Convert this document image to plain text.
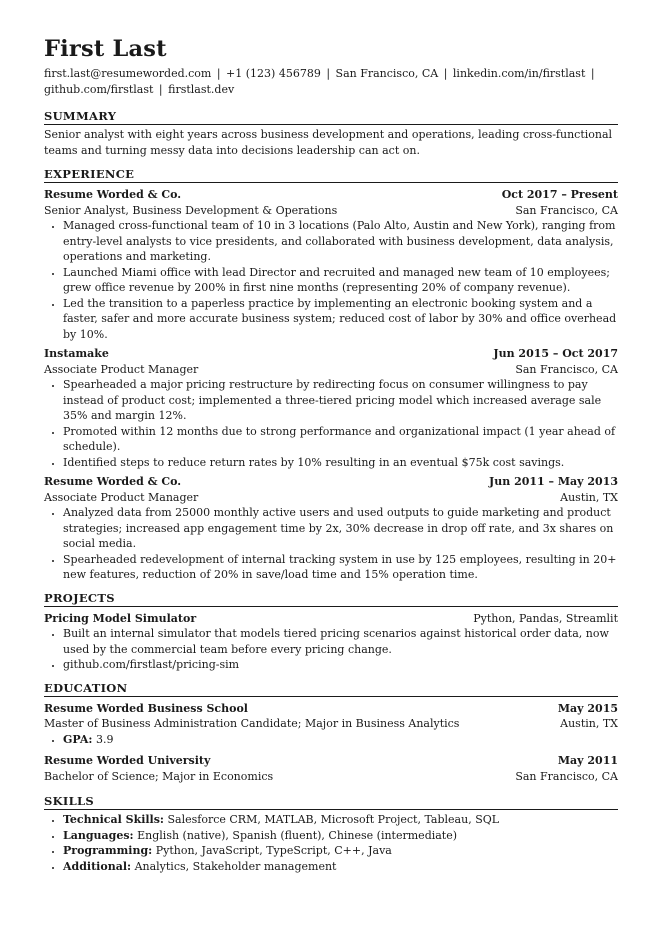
First Last
first.last@resumeworded.com | +1 (123) 456789 | San Francisco, CA | linkedin.com/in/firstlast |
github.com/firstlast | firstlast.dev
SUMMARY
Senior analyst with eight years across business development and operations, leading cross-functional teams and turning messy data into decisions leadership can act on.
EXPERIENCE
Resume Worded & Co.	Oct 2017 – Present
Senior Analyst, Business Development & Operations	San Francisco, CA
• Managed cross-functional team of 10 in 3 locations (Palo Alto, Austin and New York), ranging from entry-level analysts to vice presidents, and collaborated with business development, data analysis, operations and marketing.
• Launched Miami office with lead Director and recruited and managed new team of 10 employees; grew office revenue by 200% in first nine months (representing 20% of company revenue).
• Led the transition to a paperless practice by implementing an electronic booking system and a faster, safer and more accurate business system; reduced cost of labor by 30% and office overhead by 10%.
Instamake	Jun 2015 – Oct 2017
Associate Product Manager	San Francisco, CA
• Spearheaded a major pricing restructure by redirecting focus on consumer willingness to pay instead of product cost; implemented a three-tiered pricing model which increased average sale 35% and margin 12%.
• Promoted within 12 months due to strong performance and organizational impact (1 year ahead of schedule).
• Identified steps to reduce return rates by 10% resulting in an eventual $75k cost savings.
Resume Worded & Co.	Jun 2011 – May 2013
Associate Product Manager	Austin, TX
• Analyzed data from 25000 monthly active users and used outputs to guide marketing and product strategies; increased app engagement time by 2x, 30% decrease in drop off rate, and 3x shares on social media.
• Spearheaded redevelopment of internal tracking system in use by 125 employees, resulting in 20+ new features, reduction of 20% in save/load time and 15% operation time.
PROJECTS
Pricing Model Simulator	Python, Pandas, Streamlit
• Built an internal simulator that models tiered pricing scenarios against historical order data, now used by the commercial team before every pricing change.
• github.com/firstlast/pricing-sim
EDUCATION
Resume Worded Business School	May 2015
Master of Business Administration Candidate; Major in Business Analytics	Austin, TX
• GPA: 3.9
Resume Worded University	May 2011
Bachelor of Science; Major in Economics	San Francisco, CA
SKILLS
• Technical Skills: Salesforce CRM, MATLAB, Microsoft Project, Tableau, SQL
• Languages: English (native), Spanish (fluent), Chinese (intermediate)
• Programming: Python, JavaScript, TypeScript, C++, Java
• Additional: Analytics, Stakeholder management
